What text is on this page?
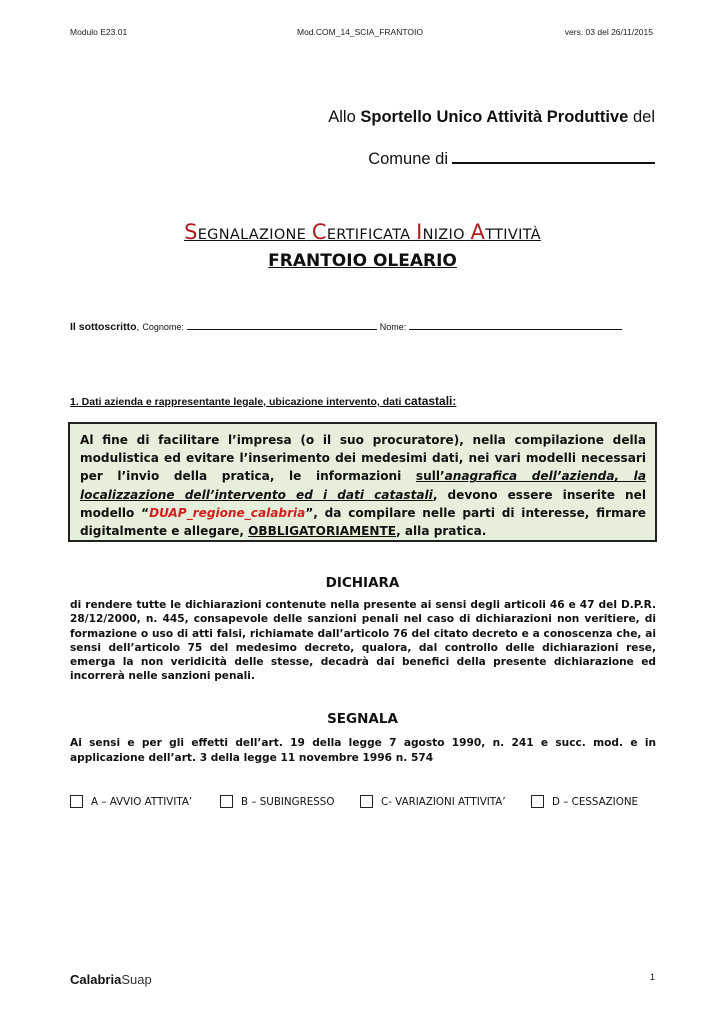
Modulo E23.01	Mod.COM_14_SCIA_FRANTOIO	vers. 03 del 26/11/2015
Allo Sportello Unico Attività Produttive del
Comune di
SEGNALAZIONE CERTIFICATA INIZIO ATTIVITÀ
FRANTOIO OLEARIO
Il sottoscritto, Cognome:	Nome:
1. Dati azienda e rappresentante legale, ubicazione intervento, dati catastali:
Al fine di facilitare l’impresa (o il suo procuratore), nella compilazione della modulistica ed evitare l’inserimento dei medesimi dati, nei vari modelli necessari per l’invio della pratica, le informazioni sull’anagrafica dell’azienda, la localizzazione dell’intervento ed i dati catastali, devono essere inserite nel modello “DUAP_regione_calabria”, da compilare nelle parti di interesse, firmare digitalmente e allegare, OBBLIGATORIAMENTE, alla pratica.
DICHIARA
di rendere tutte le dichiarazioni contenute nella presente ai sensi degli articoli 46 e 47 del D.P.R. 28/12/2000, n. 445, consapevole delle sanzioni penali nel caso di dichiarazioni non veritiere, di formazione o uso di atti falsi, richiamate dall’articolo 76 del citato decreto e a conoscenza che, ai sensi dell’articolo 75 del medesimo decreto, qualora, dal controllo delle dichiarazioni rese, emerga la non veridicità delle stesse, decadrà dai benefici della presente dichiarazione ed incorrerà nelle sanzioni penali.
SEGNALA
Ai sensi e per gli effetti dell’art. 19 della legge 7 agosto 1990, n. 241 e succ. mod. e in applicazione dell’art. 3 della legge 11 novembre 1996 n. 574
A – AVVIO ATTIVITA’	B – SUBINGRESSO	C- VARIAZIONI ATTIVITA’	D – CESSAZIONE
CalabriaSuap	1
